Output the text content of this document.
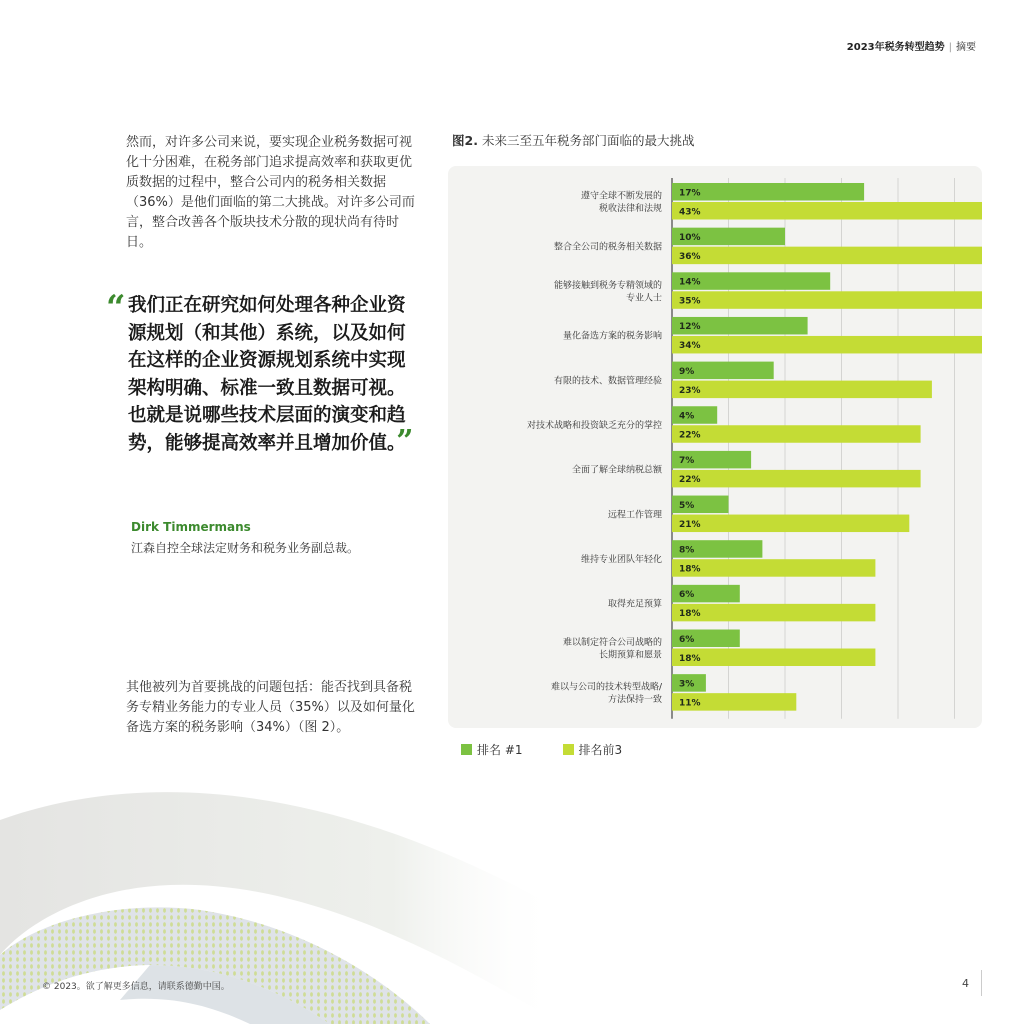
2023年税务转型趋势 | 摘要
然而，对许多公司来说，要实现企业税务数据可视化十分困难，在税务部门追求提高效率和获取更优质数据的过程中，整合公司内的税务相关数据（36%）是他们面临的第二大挑战。对许多公司而言，整合改善各个版块技术分散的现状尚有待时日。
“ 我们正在研究如何处理各种企业资源规划（和其他）系统，以及如何在这样的企业资源规划系统中实现架构明确、标准一致且数据可视。也就是说哪些技术层面的演变和趋势，能够提高效率并且增加价值。”
Dirk Timmermans
江森自控全球法定财务和税务业务副总裁。
其他被列为首要挑战的问题包括：能否找到具备税务专精业务能力的专业人员（35%）以及如何量化备选方案的税务影响（34%）（图 2）。
图2. 未来三至五年税务部门面临的最大挑战
17%
43%
遵守全球不断发展的
税收法律和法规
10%
36%
整合全公司的税务相关数据
14%
35%
能够接触到税务专精领域的
专业人士
12%
34%
量化备选方案的税务影响
9%
23%
有限的技术、数据管理经验
4%
22%
对技术战略和投资缺乏充分的掌控
7%
22%
全面了解全球纳税总额
5%
21%
远程工作管理
8%
18%
维持专业团队年轻化
6%
18%
取得充足预算
6%
18%
难以制定符合公司战略的
长期预算和愿景
3%
11%
难以与公司的技术转型战略/
方法保持一致
排名 #1	排名前3
© 2023。欲了解更多信息，请联系德勤中国。	4
